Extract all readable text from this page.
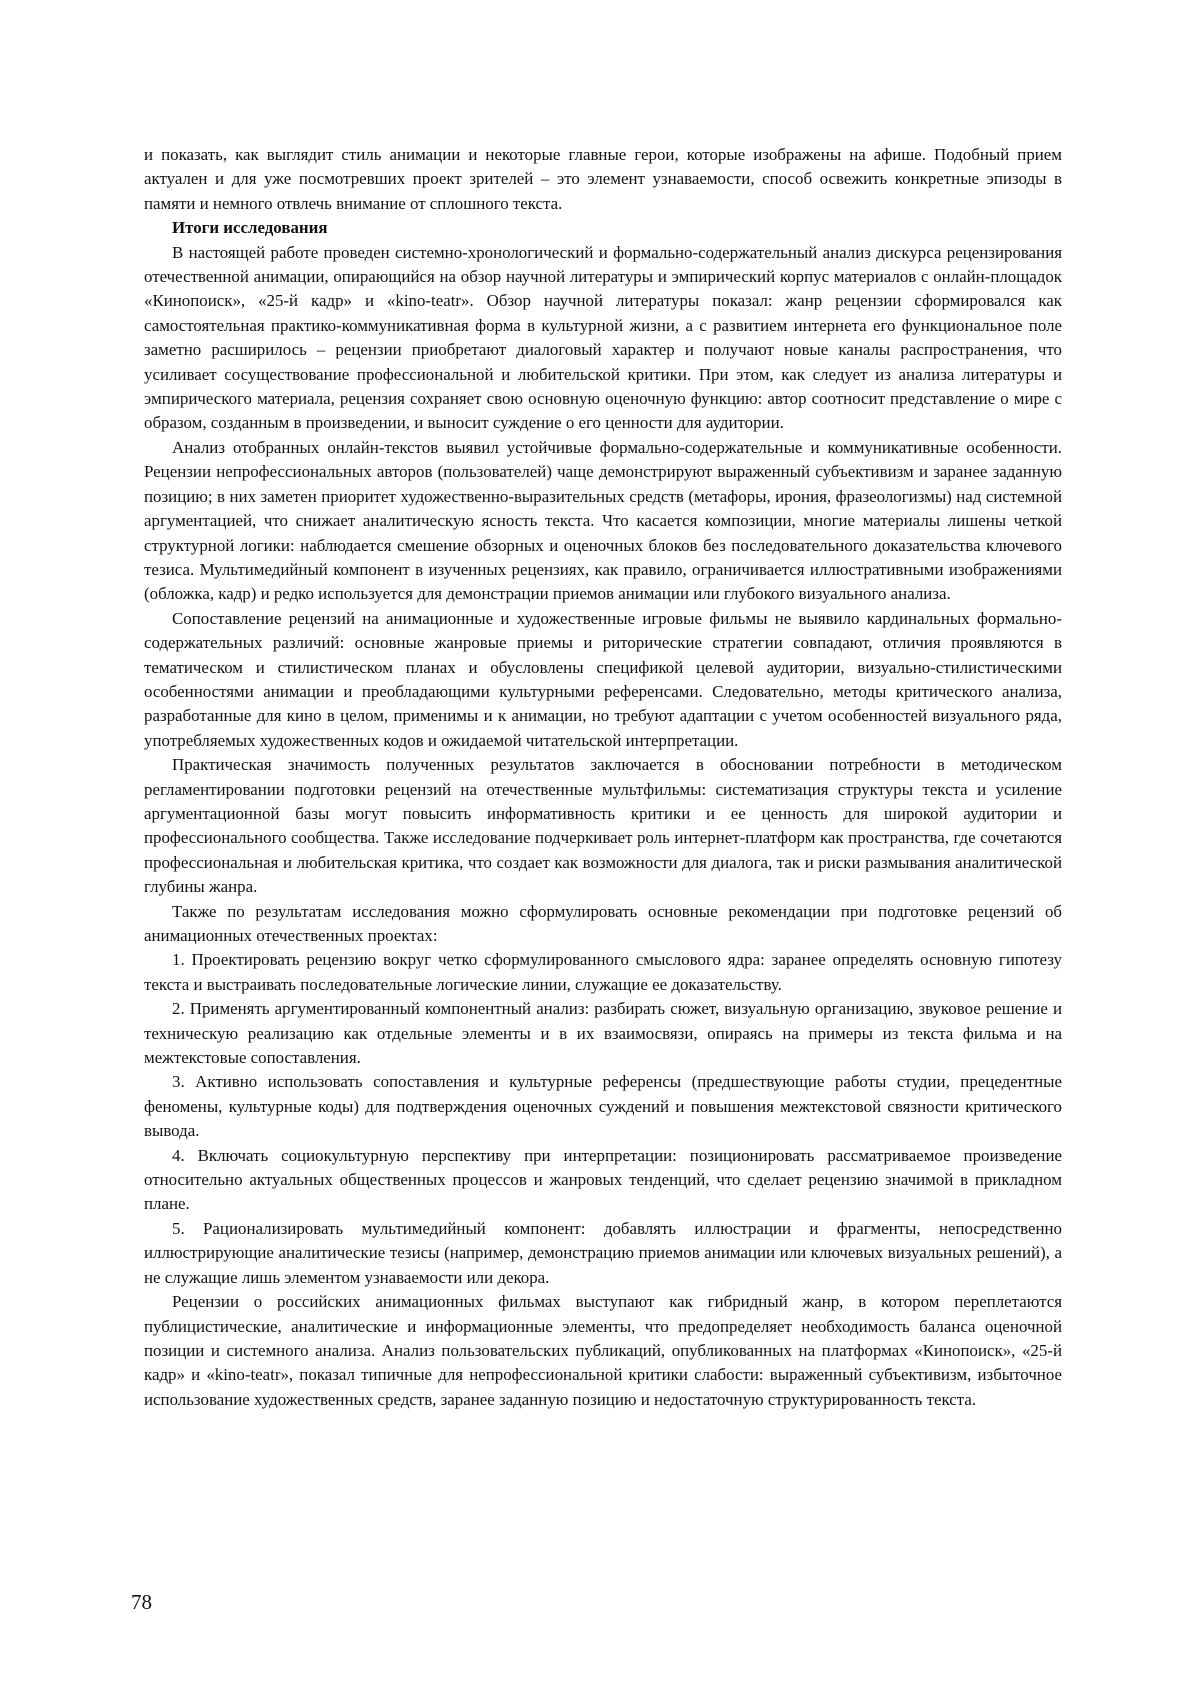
и показать, как выглядит стиль анимации и некоторые главные герои, которые изображены на афише. Подобный прием актуален и для уже посмотревших проект зрителей – это элемент узнаваемости, способ освежить конкретные эпизоды в памяти и немного отвлечь внимание от сплошного текста.

Итоги исследования

В настоящей работе проведен системно-хронологический и формально-содержательный анализ дискурса рецензирования отечественной анимации, опирающийся на обзор научной литературы и эмпирический корпус материалов с онлайн-площадок «Кинопоиск», «25-й кадр» и «kino-teatr». Обзор научной литературы показал: жанр рецензии сформировался как самостоятельная практико-коммуникативная форма в культурной жизни, а с развитием интернета его функциональное поле заметно расширилось – рецензии приобретают диалоговый характер и получают новые каналы распространения, что усиливает сосуществование профессиональной и любительской критики. При этом, как следует из анализа литературы и эмпирического материала, рецензия сохраняет свою основную оценочную функцию: автор соотносит представление о мире с образом, созданным в произведении, и выносит суждение о его ценности для аудитории.

Анализ отобранных онлайн-текстов выявил устойчивые формально-содержательные и коммуникативные особенности. Рецензии непрофессиональных авторов (пользователей) чаще демонстрируют выраженный субъективизм и заранее заданную позицию; в них заметен приоритет художественно-выразительных средств (метафоры, ирония, фразеологизмы) над системной аргументацией, что снижает аналитическую ясность текста. Что касается композиции, многие материалы лишены четкой структурной логики: наблюдается смешение обзорных и оценочных блоков без последовательного доказательства ключевого тезиса. Мультимедийный компонент в изученных рецензиях, как правило, ограничивается иллюстративными изображениями (обложка, кадр) и редко используется для демонстрации приемов анимации или глубокого визуального анализа.

Сопоставление рецензий на анимационные и художественные игровые фильмы не выявило кардинальных формально-содержательных различий: основные жанровые приемы и риторические стратегии совпадают, отличия проявляются в тематическом и стилистическом планах и обусловлены спецификой целевой аудитории, визуально-стилистическими особенностями анимации и преобладающими культурными референсами. Следовательно, методы критического анализа, разработанные для кино в целом, применимы и к анимации, но требуют адаптации с учетом особенностей визуального ряда, употребляемых художественных кодов и ожидаемой читательской интерпретации.

Практическая значимость полученных результатов заключается в обосновании потребности в методическом регламентировании подготовки рецензий на отечественные мультфильмы: систематизация структуры текста и усиление аргументационной базы могут повысить информативность критики и ее ценность для широкой аудитории и профессионального сообщества. Также исследование подчеркивает роль интернет-платформ как пространства, где сочетаются профессиональная и любительская критика, что создает как возможности для диалога, так и риски размывания аналитической глубины жанра.

Также по результатам исследования можно сформулировать основные рекомендации при подготовке рецензий об анимационных отечественных проектах:

1. Проектировать рецензию вокруг четко сформулированного смыслового ядра: заранее определять основную гипотезу текста и выстраивать последовательные логические линии, служащие ее доказательству.

2. Применять аргументированный компонентный анализ: разбирать сюжет, визуальную организацию, звуковое решение и техническую реализацию как отдельные элементы и в их взаимосвязи, опираясь на примеры из текста фильма и на межтекстовые сопоставления.

3. Активно использовать сопоставления и культурные референсы (предшествующие работы студии, прецедентные феномены, культурные коды) для подтверждения оценочных суждений и повышения межтекстовой связности критического вывода.

4. Включать социокультурную перспективу при интерпретации: позиционировать рассматриваемое произведение относительно актуальных общественных процессов и жанровых тенденций, что сделает рецензию значимой в прикладном плане.

5. Рационализировать мультимедийный компонент: добавлять иллюстрации и фрагменты, непосредственно иллюстрирующие аналитические тезисы (например, демонстрацию приемов анимации или ключевых визуальных решений), а не служащие лишь элементом узнаваемости или декора.

Рецензии о российских анимационных фильмах выступают как гибридный жанр, в котором переплетаются публицистические, аналитические и информационные элементы, что предопределяет необходимость баланса оценочной позиции и системного анализа. Анализ пользовательских публикаций, опубликованных на платформах «Кинопоиск», «25-й кадр» и «kino-teatr», показал типичные для непрофессиональной критики слабости: выраженный субъективизм, избыточное использование художественных средств, заранее заданную позицию и недостаточную структурированность текста.

78
